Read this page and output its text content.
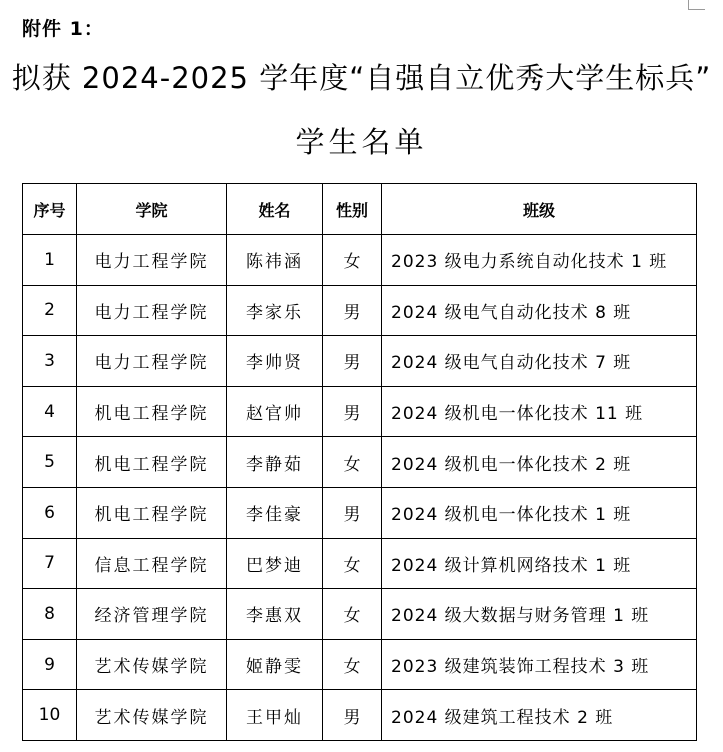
附件 1：
拟获 2024-2025 学年度“自强自立优秀大学生标兵”
学生名单
序号	学院	姓名	性别	班级
1	电力工程学院	陈祎涵	女	2023 级电力系统自动化技术 1 班
2	电力工程学院	李家乐	男	2024 级电气自动化技术 8 班
3	电力工程学院	李帅贤	男	2024 级电气自动化技术 7 班
4	机电工程学院	赵官帅	男	2024 级机电一体化技术 11 班
5	机电工程学院	李静茹	女	2024 级机电一体化技术 2 班
6	机电工程学院	李佳豪	男	2024 级机电一体化技术 1 班
7	信息工程学院	巴梦迪	女	2024 级计算机网络技术 1 班
8	经济管理学院	李惠双	女	2024 级大数据与财务管理 1 班
9	艺术传媒学院	姬静雯	女	2023 级建筑装饰工程技术 3 班
10	艺术传媒学院	王甲灿	男	2024 级建筑工程技术 2 班
